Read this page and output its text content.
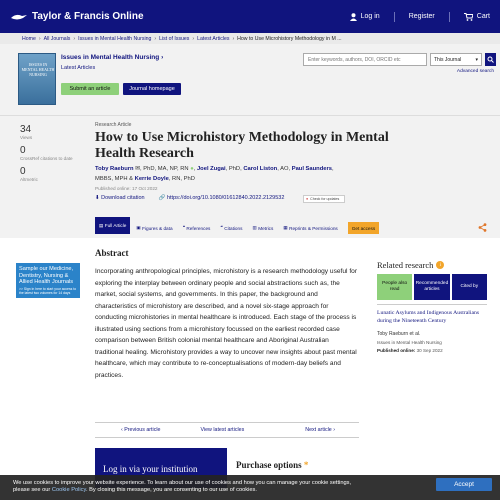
Taylor & Francis Online	Log in	Register	Cart
Home › All Journals › Issues in Mental Health Nursing › List of Issues › Latest Articles › How to Use Microhistory Methodology in M ...
ISSUES IN MENTAL HEALTH NURSING
Issues in Mental Health Nursing ›
Latest Articles
Submit an article	Journal homepage
Enter keywords, authors, DOI, ORCID etc
This Journal	▾
Advanced search
34
Views
0
CrossRef citations to date
0
Altmetric
Research Article
How to Use Microhistory Methodology in Mental Health Research
Toby Raeburn ✉, PhD, MA, NP, RN ●, Joel Zugai, PhD, Carol Liston, AO, Paul Saunders, MBBS, MPH & Kerrie Doyle, RN, PhD
Published online: 17 Oct 2022
⬇ Download citation	🔗 https://doi.org/10.1080/01612840.2022.2129532	● Check for updates
▤ Full Article ▣ Figures & data ❝ References ❝ Citations ▥ Metrics ▦ Reprints & Permissions	Get access
Sample our Medicine, Dentistry, Nursing & Allied Health Journals
>> Sign in here to start your access to the latest two volumes for 14 days
Abstract
Incorporating anthropological principles, microhistory is a research methodology useful for exploring the interplay between ordinary people and social abstractions such as, the market, social systems, and governments. In this paper, the background and characteristics of microhistory are described, and a novel six-stage approach for conducting microhistories in mental healthcare is introduced. Each stage of the process is illustrated using sections from a microhistory focussed on the earliest recorded case comparison between British colonial mental healthcare and Aboriginal Australian traditional healing. Microhistory provides a way to uncover new insights about past mental healthcare, which may contribute to re-conceptualisations of modern-day beliefs and practices.
Related research	i
People also read
Recommended articles
Cited by
Lunatic Asylums and Indigenous Australians during the Nineteenth Century
Toby Raeburn et al.
Issues in Mental Health Nursing
Published online: 30 Sep 2022
‹ Previous article	View latest articles	Next article ›
Log in via your institution	Purchase options *
We use cookies to improve your website experience. To learn about our use of cookies and how you can manage your cookie settings,
please see our Cookie Policy. By closing this message, you are consenting to our use of cookies.
Accept
